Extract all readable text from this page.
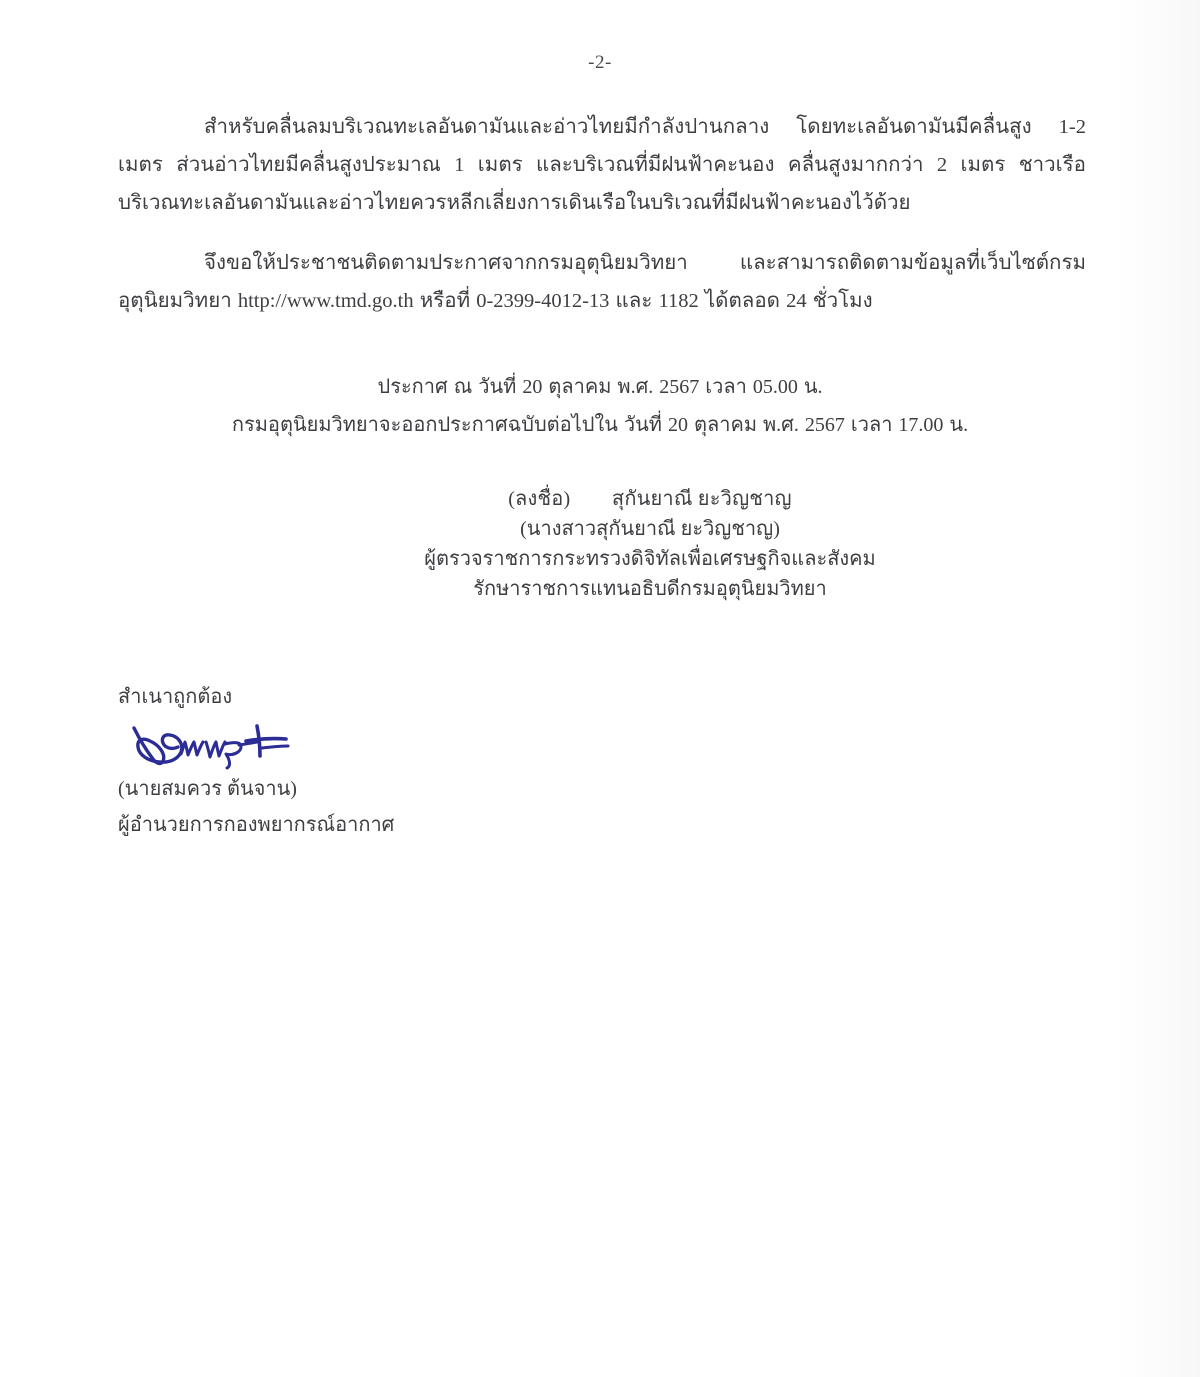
-2-

สำหรับคลื่นลมบริเวณทะเลอันดามันและอ่าวไทยมีกำลังปานกลาง โดยทะเลอันดามันมีคลื่นสูง 1-2 เมตร ส่วนอ่าวไทยมีคลื่นสูงประมาณ 1 เมตร และบริเวณที่มีฝนฟ้าคะนอง คลื่นสูงมากกว่า 2 เมตร ชาวเรือบริเวณทะเลอันดามันและอ่าวไทยควรหลีกเลี่ยงการเดินเรือในบริเวณที่มีฝนฟ้าคะนองไว้ด้วย

จึงขอให้ประชาชนติดตามประกาศจากกรมอุตุนิยมวิทยา และสามารถติดตามข้อมูลที่เว็บไซต์กรมอุตุนิยมวิทยา http://www.tmd.go.th หรือที่ 0-2399-4012-13 และ 1182 ได้ตลอด 24 ชั่วโมง

ประกาศ ณ วันที่ 20 ตุลาคม พ.ศ. 2567 เวลา 05.00 น.
กรมอุตุนิยมวิทยาจะออกประกาศฉบับต่อไปใน วันที่ 20 ตุลาคม พ.ศ. 2567 เวลา 17.00 น.
(ลงชื่อ)        สุกันยาณี ยะวิญชาญ
(นางสาวสุกันยาณี ยะวิญชาญ)
ผู้ตรวจราชการกระทรวงดิจิทัลเพื่อเศรษฐกิจและสังคม
รักษาราชการแทนอธิบดีกรมอุตุนิยมวิทยา
สำเนาถูกต้อง
(นายสมควร ต้นจาน)
ผู้อำนวยการกองพยากรณ์อากาศ
